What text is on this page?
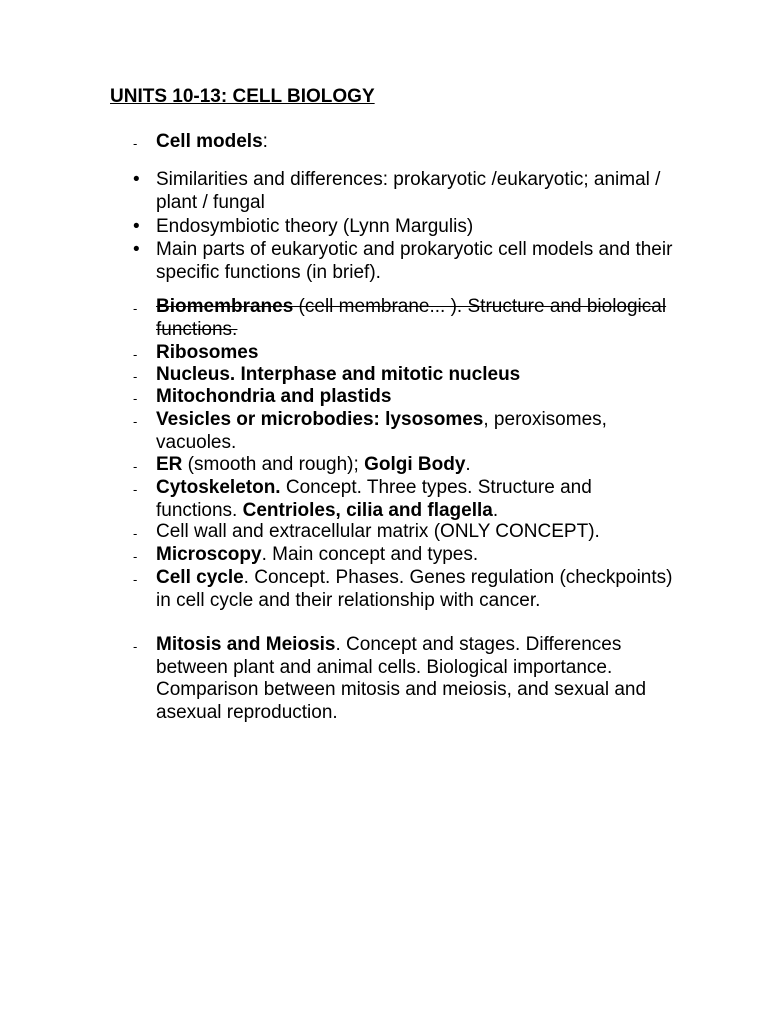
UNITS 10-13: CELL BIOLOGY
- Cell models:
• Similarities and differences: prokaryotic /eukaryotic; animal / plant / fungal
• Endosymbiotic theory (Lynn Margulis)
• Main parts of eukaryotic and prokaryotic cell models and their specific functions (in brief).
- Biomembranes (cell membrane... ). Structure and biological functions.
- Ribosomes
- Nucleus. Interphase and mitotic nucleus
- Mitochondria and plastids
- Vesicles or microbodies: lysosomes, peroxisomes, vacuoles.
- ER (smooth and rough); Golgi Body.
- Cytoskeleton. Concept. Three types. Structure and functions. Centrioles, cilia and flagella.
- Cell wall and extracellular matrix (ONLY CONCEPT).
- Microscopy. Main concept and types.
- Cell cycle. Concept. Phases. Genes regulation (checkpoints) in cell cycle and their relationship with cancer.
- Mitosis and Meiosis. Concept and stages. Differences between plant and animal cells. Biological importance. Comparison between mitosis and meiosis, and sexual and asexual reproduction.
